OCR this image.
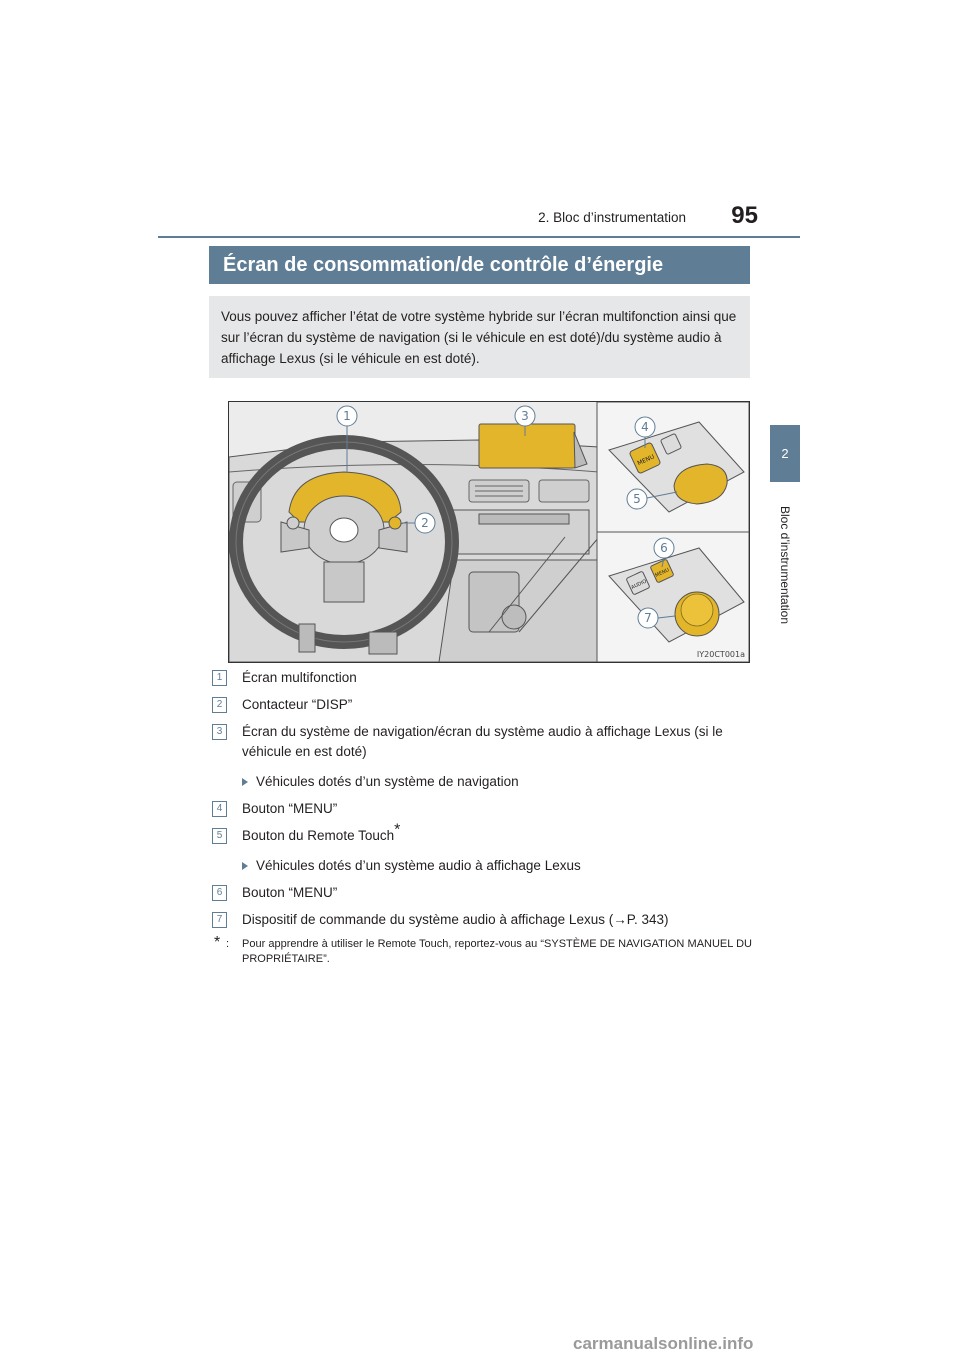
2. Bloc d’instrumentation 95
2
Bloc d’instrumentation
Écran de consommation/de contrôle d’énergie
Vous pouvez afficher l’état de votre système hybride sur l’écran multifonction ainsi que sur l’écran du système de navigation (si le véhicule en est doté)/du système audio à affichage Lexus (si le véhicule en est doté).
MENU
AUDIO
MENU
1
2
3
4
5
6
7
IY20CT001a
1	Écran multifonction
2	Contacteur “DISP”
3	Écran du système de navigation/écran du système audio à affichage Lexus (si le véhicule en est doté)
Véhicules dotés d’un système de navigation
4	Bouton “MENU”
5	Bouton du Remote Touch*
Véhicules dotés d’un système audio à affichage Lexus
6	Bouton “MENU”
7	Dispositif de commande du système audio à affichage Lexus (→P. 343)
* : Pour apprendre à utiliser le Remote Touch, reportez-vous au “SYSTÈME DE NAVIGATION MANUEL DU PROPRIÉTAIRE”.
carmanualsonline.info
